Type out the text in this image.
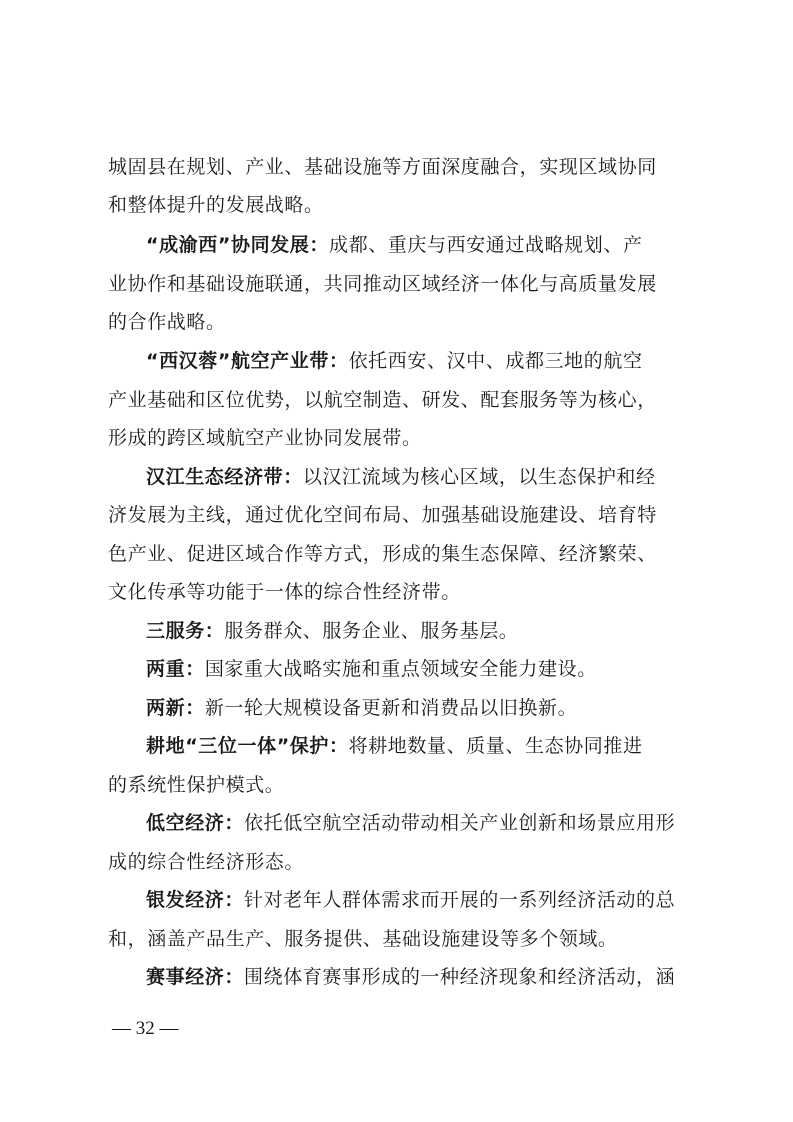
城固县在规划、产业、基础设施等方面深度融合，实现区域协同
和整体提升的发展战略。
“成渝西”协同发展：成都、重庆与西安通过战略规划、产
业协作和基础设施联通，共同推动区域经济一体化与高质量发展
的合作战略。
“西汉蓉”航空产业带：依托西安、汉中、成都三地的航空
产业基础和区位优势，以航空制造、研发、配套服务等为核心，
形成的跨区域航空产业协同发展带。
汉江生态经济带：以汉江流域为核心区域，以生态保护和经
济发展为主线，通过优化空间布局、加强基础设施建设、培育特
色产业、促进区域合作等方式，形成的集生态保障、经济繁荣、
文化传承等功能于一体的综合性经济带。
三服务：服务群众、服务企业、服务基层。
两重：国家重大战略实施和重点领域安全能力建设。
两新：新一轮大规模设备更新和消费品以旧换新。
耕地“三位一体”保护：将耕地数量、质量、生态协同推进
的系统性保护模式。
低空经济：依托低空航空活动带动相关产业创新和场景应用形
成的综合性经济形态。
银发经济：针对老年人群体需求而开展的一系列经济活动的总
和，涵盖产品生产、服务提供、基础设施建设等多个领域。
赛事经济：围绕体育赛事形成的一种经济现象和经济活动，涵
— 32 —
